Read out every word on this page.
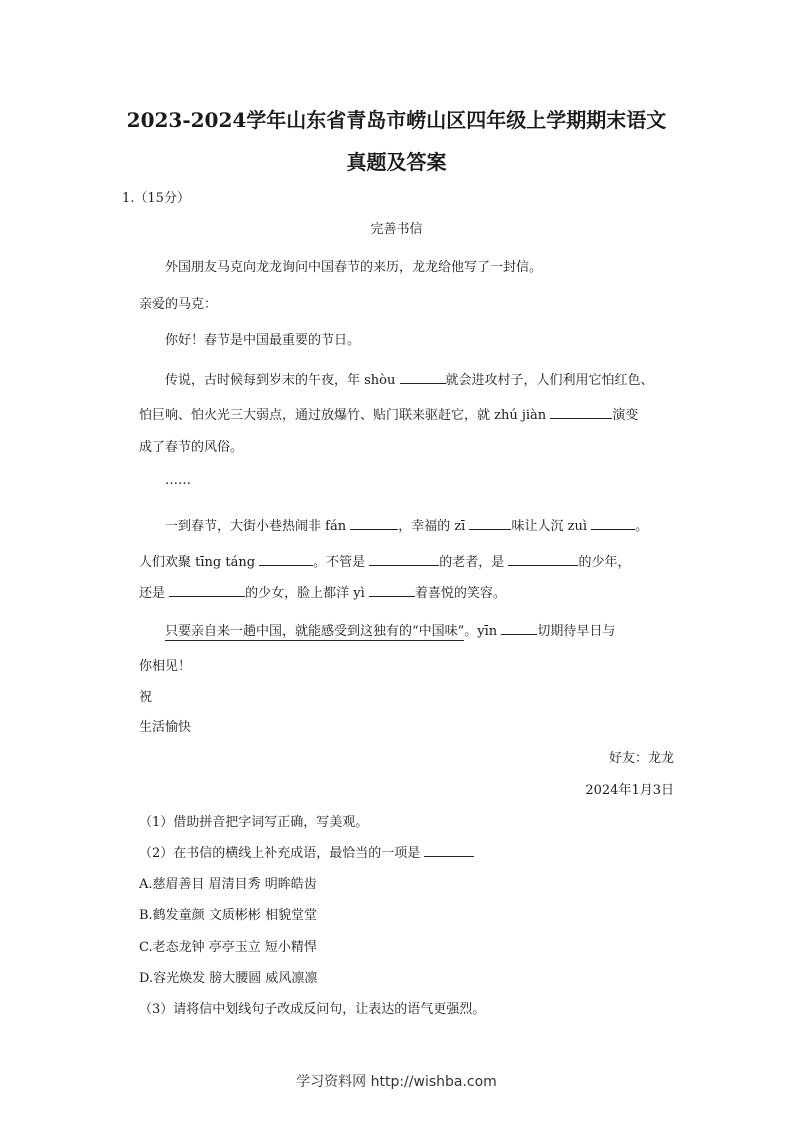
2023-2024学年山东省青岛市崂山区四年级上学期期末语文
真题及答案
1.（15分）
完善书信
外国朋友马克向龙龙询问中国春节的来历，龙龙给他写了一封信。
亲爱的马克：
你好！春节是中国最重要的节日。
传说，古时候每到岁末的午夜，年 shòu	就会进攻村子，人们利用它怕红色、
怕巨响、怕火光三大弱点，通过放爆竹、贴门联来驱赶它，就 zhú jiàn	演变
成了春节的风俗。
……
一到春节，大街小巷热闹非 fán	，幸福的 zī	味让人沉 zuì	。
人们欢聚 tīng táng	。不管是	的老者，是	的少年，
还是	的少女，脸上都洋 yì	着喜悦的笑容。
只要亲自来一趟中国，就能感受到这独有的“中国味”。yīn	切期待早日与
你相见！
祝
生活愉快
好友：龙龙
2024年1月3日
（1）借助拼音把字词写正确，写美观。
（2）在书信的横线上补充成语，最恰当的一项是
A.慈眉善目 眉清目秀 明眸皓齿
B.鹤发童颜 文质彬彬 相貌堂堂
C.老态龙钟 亭亭玉立 短小精悍
D.容光焕发 膀大腰圆 威风凛凛
（3）请将信中划线句子改成反问句，让表达的语气更强烈。
学习资料网 http://wishba.com
